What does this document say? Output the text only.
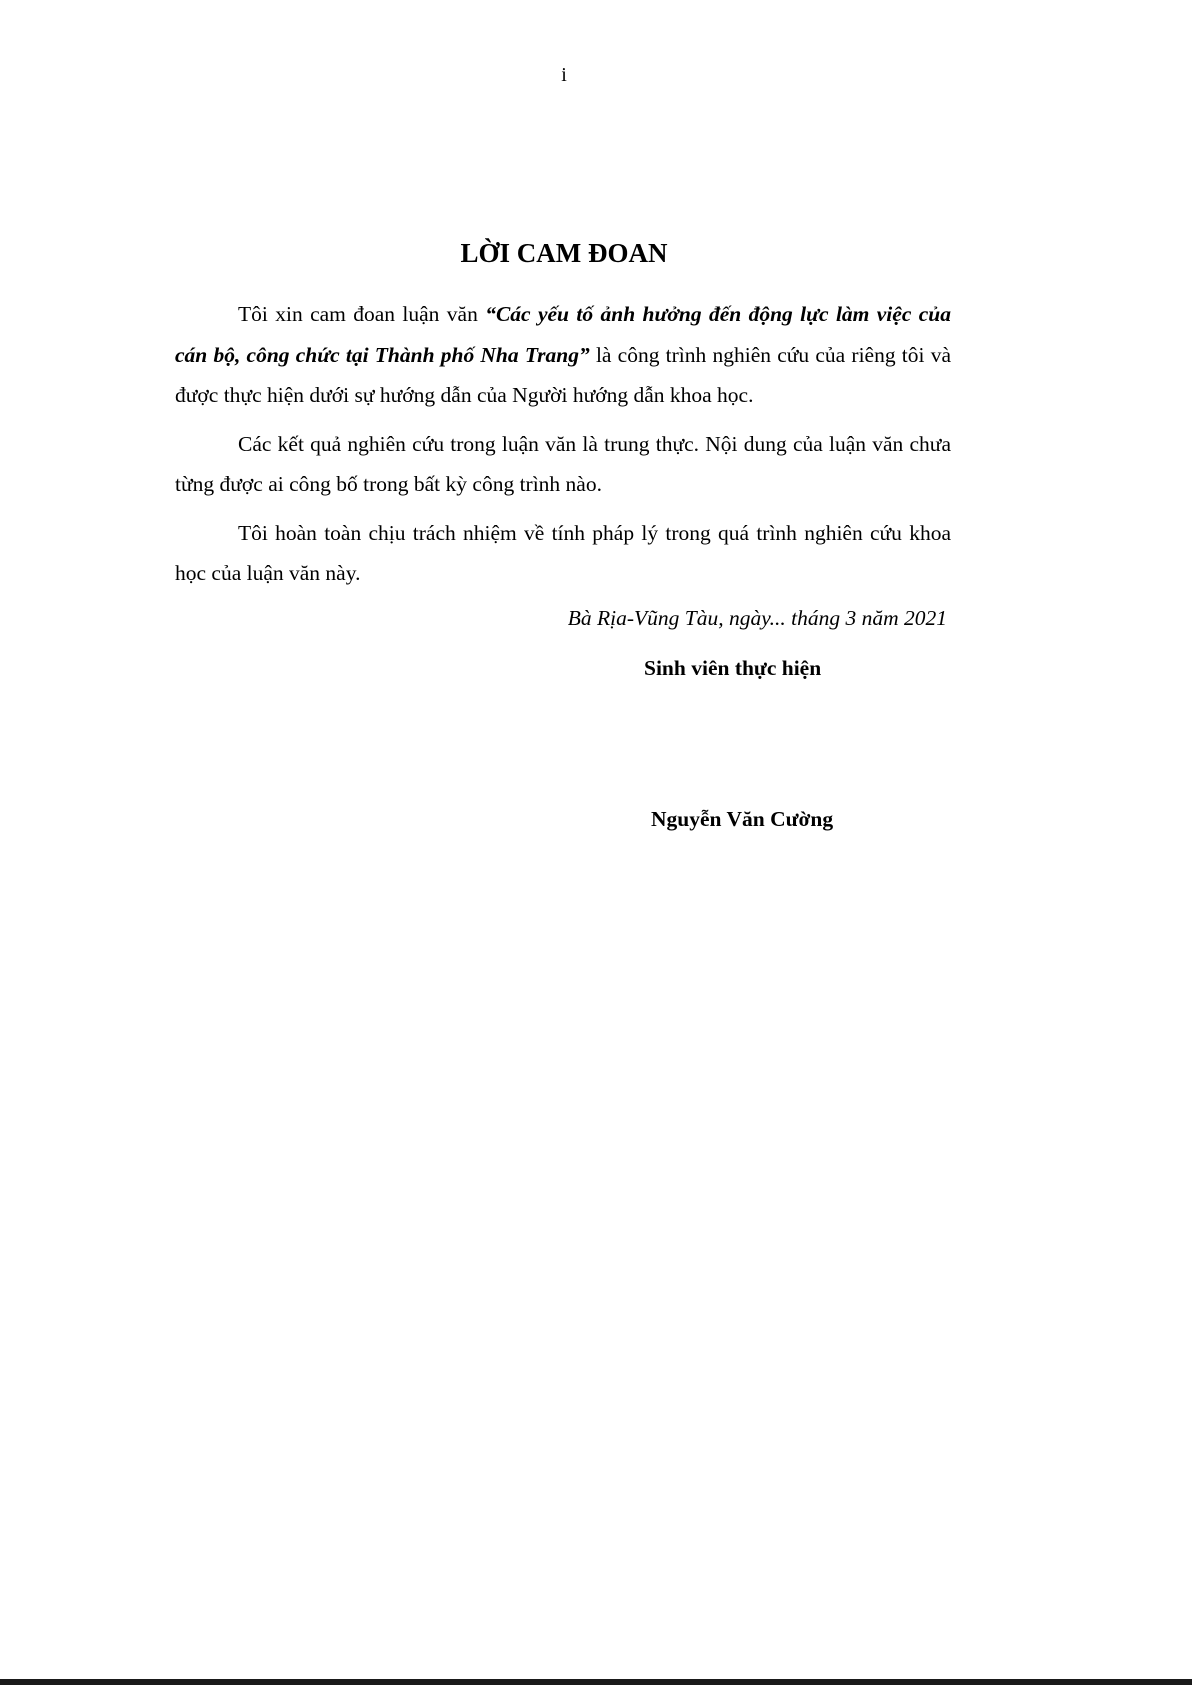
i
LỜI CAM ĐOAN

Tôi xin cam đoan luận văn “Các yếu tố ảnh hưởng đến động lực làm việc của cán bộ, công chức tại Thành phố Nha Trang” là công trình nghiên cứu của riêng tôi và được thực hiện dưới sự hướng dẫn của Người hướng dẫn khoa học.

Các kết quả nghiên cứu trong luận văn là trung thực. Nội dung của luận văn chưa từng được ai công bố trong bất kỳ công trình nào.

Tôi hoàn toàn chịu trách nhiệm về tính pháp lý trong quá trình nghiên cứu khoa học của luận văn này.

Bà Rịa-Vũng Tàu, ngày... tháng 3 năm 2021
Sinh viên thực hiện
Nguyễn Văn Cường
